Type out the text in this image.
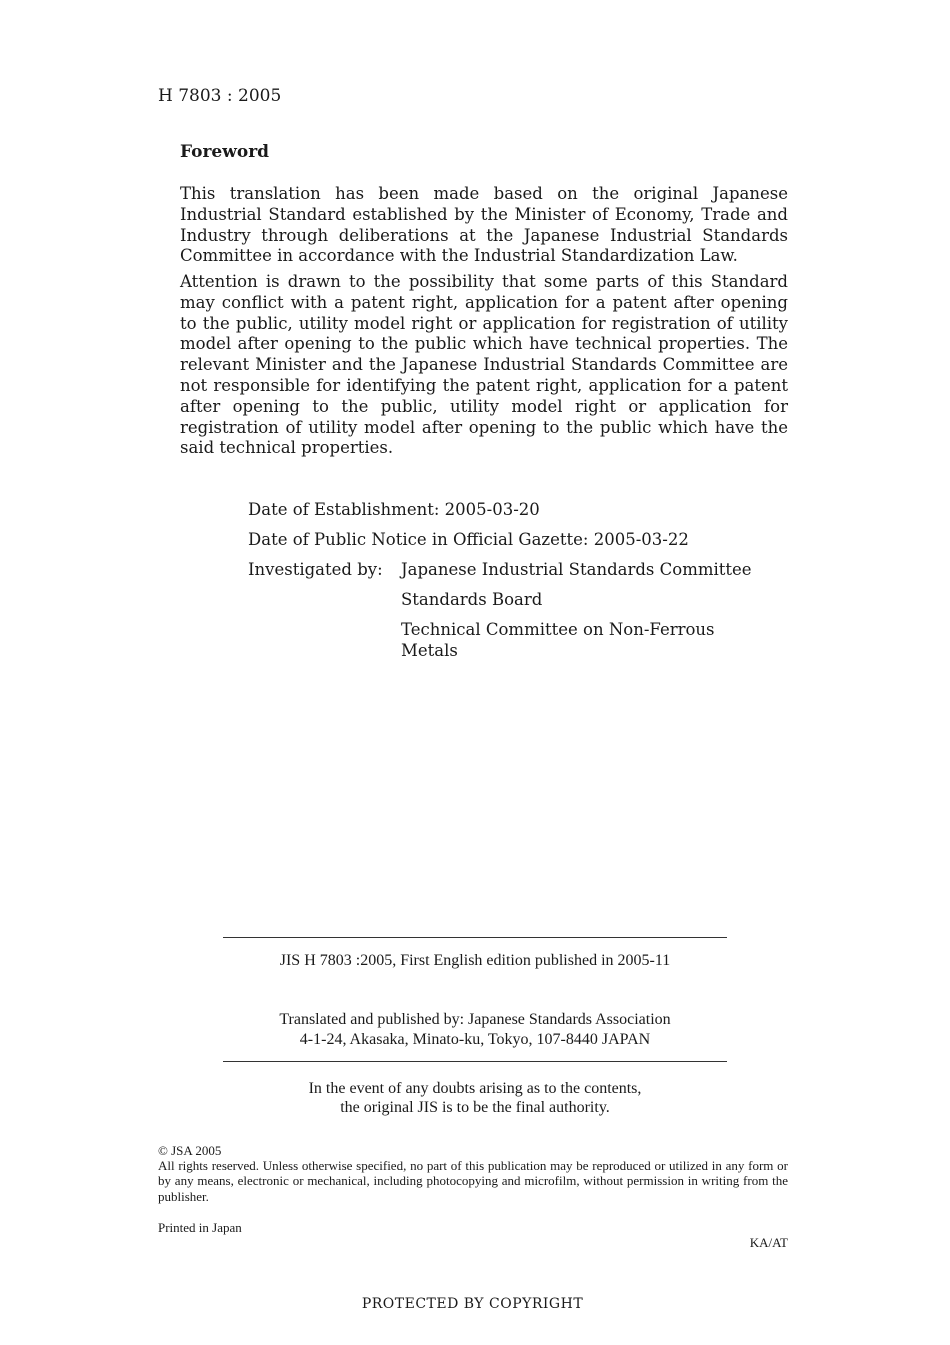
H 7803 : 2005
Foreword
This translation has been made based on the original Japanese Industrial Standard established by the Minister of Economy, Trade and Industry through deliberations at the Japanese Industrial Standards Committee in accordance with the Industrial Standardization Law.
Attention is drawn to the possibility that some parts of this Standard may conflict with a patent right, application for a patent after opening to the public, utility model right or application for registration of utility model after opening to the public which have technical properties. The relevant Minister and the Japanese Industrial Standards Committee are not responsible for identifying the patent right, application for a patent after opening to the public, utility model right or application for registration of utility model after opening to the public which have the said technical properties.
Date of Establishment: 2005-03-20
Date of Public Notice in Official Gazette: 2005-03-22
Investigated by: Japanese Industrial Standards Committee
Standards Board
Technical Committee on Non-Ferrous Metals
JIS H 7803 :2005, First English edition published in 2005-11
Translated and published by: Japanese Standards Association
4-1-24, Akasaka, Minato-ku, Tokyo, 107-8440 JAPAN
In the event of any doubts arising as to the contents,
the original JIS is to be the final authority.
© JSA 2005
All rights reserved. Unless otherwise specified, no part of this publication may be reproduced or utilized in any form or by any means, electronic or mechanical, including photocopying and microfilm, without permission in writing from the publisher.
Printed in Japan
KA/AT
PROTECTED BY COPYRIGHT
